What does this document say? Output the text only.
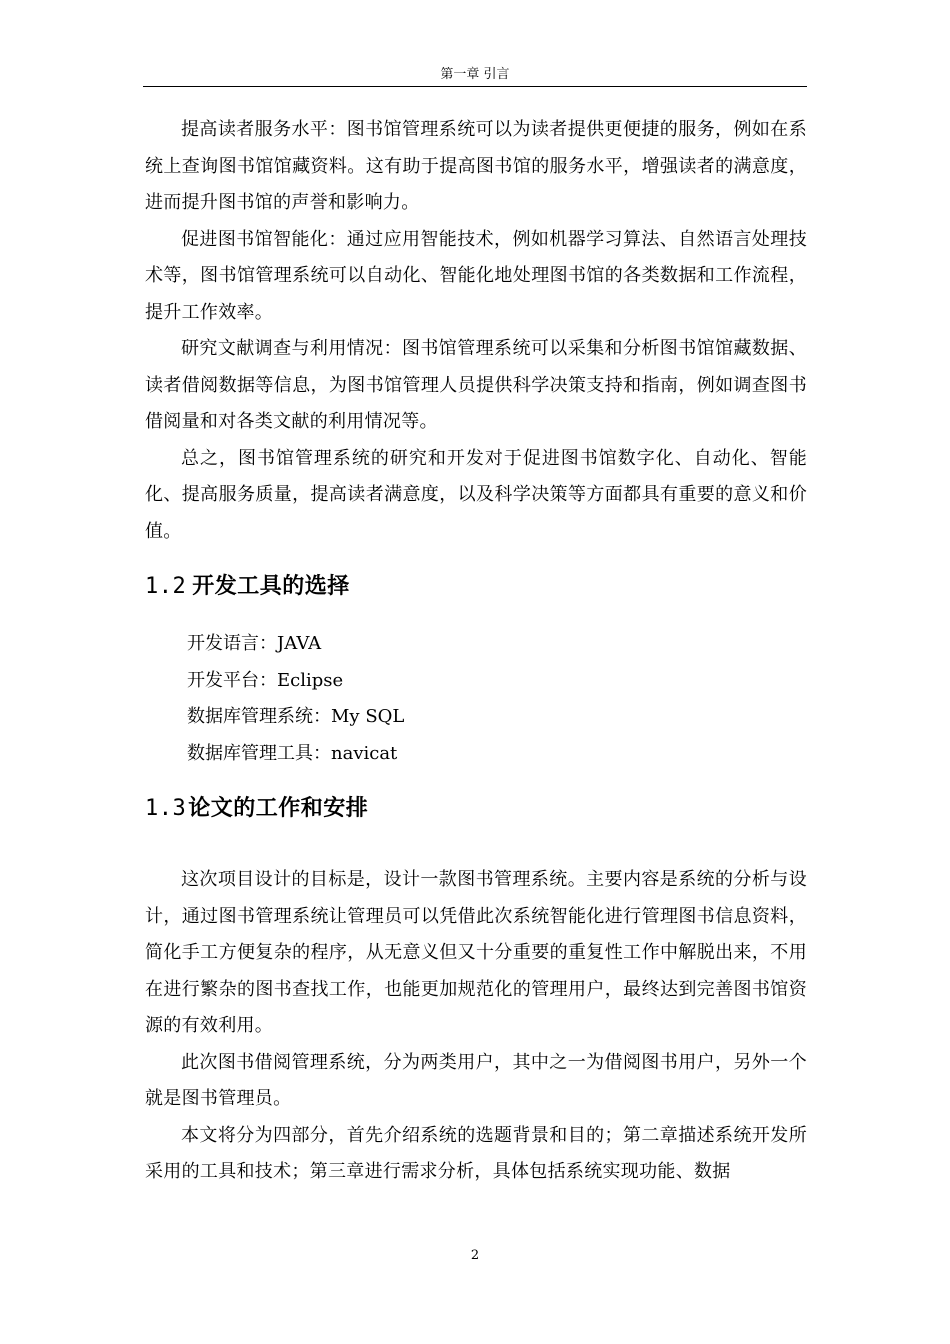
第一章 引言

提高读者服务水平：图书馆管理系统可以为读者提供更便捷的服务，例如在系统上查询图书馆馆藏资料。这有助于提高图书馆的服务水平，增强读者的满意度，进而提升图书馆的声誉和影响力。

促进图书馆智能化：通过应用智能技术，例如机器学习算法、自然语言处理技术等，图书馆管理系统可以自动化、智能化地处理图书馆的各类数据和工作流程，提升工作效率。

研究文献调查与利用情况：图书馆管理系统可以采集和分析图书馆馆藏数据、读者借阅数据等信息，为图书馆管理人员提供科学决策支持和指南，例如调查图书借阅量和对各类文献的利用情况等。

总之，图书馆管理系统的研究和开发对于促进图书馆数字化、自动化、智能化、提高服务质量，提高读者满意度，以及科学决策等方面都具有重要的意义和价值。

1.2 开发工具的选择
开发语言：JAVA
开发平台：Eclipse
数据库管理系统：My SQL
数据库管理工具：navicat
1.3论文的工作和安排

这次项目设计的目标是，设计一款图书管理系统。主要内容是系统的分析与设计，通过图书管理系统让管理员可以凭借此次系统智能化进行管理图书信息资料，简化手工方便复杂的程序，从无意义但又十分重要的重复性工作中解脱出来，不用在进行繁杂的图书查找工作，也能更加规范化的管理用户，最终达到完善图书馆资源的有效利用。

此次图书借阅管理系统，分为两类用户，其中之一为借阅图书用户，另外一个就是图书管理员。

本文将分为四部分，首先介绍系统的选题背景和目的；第二章描述系统开发所采用的工具和技术；第三章进行需求分析，具体包括系统实现功能、数据

2
